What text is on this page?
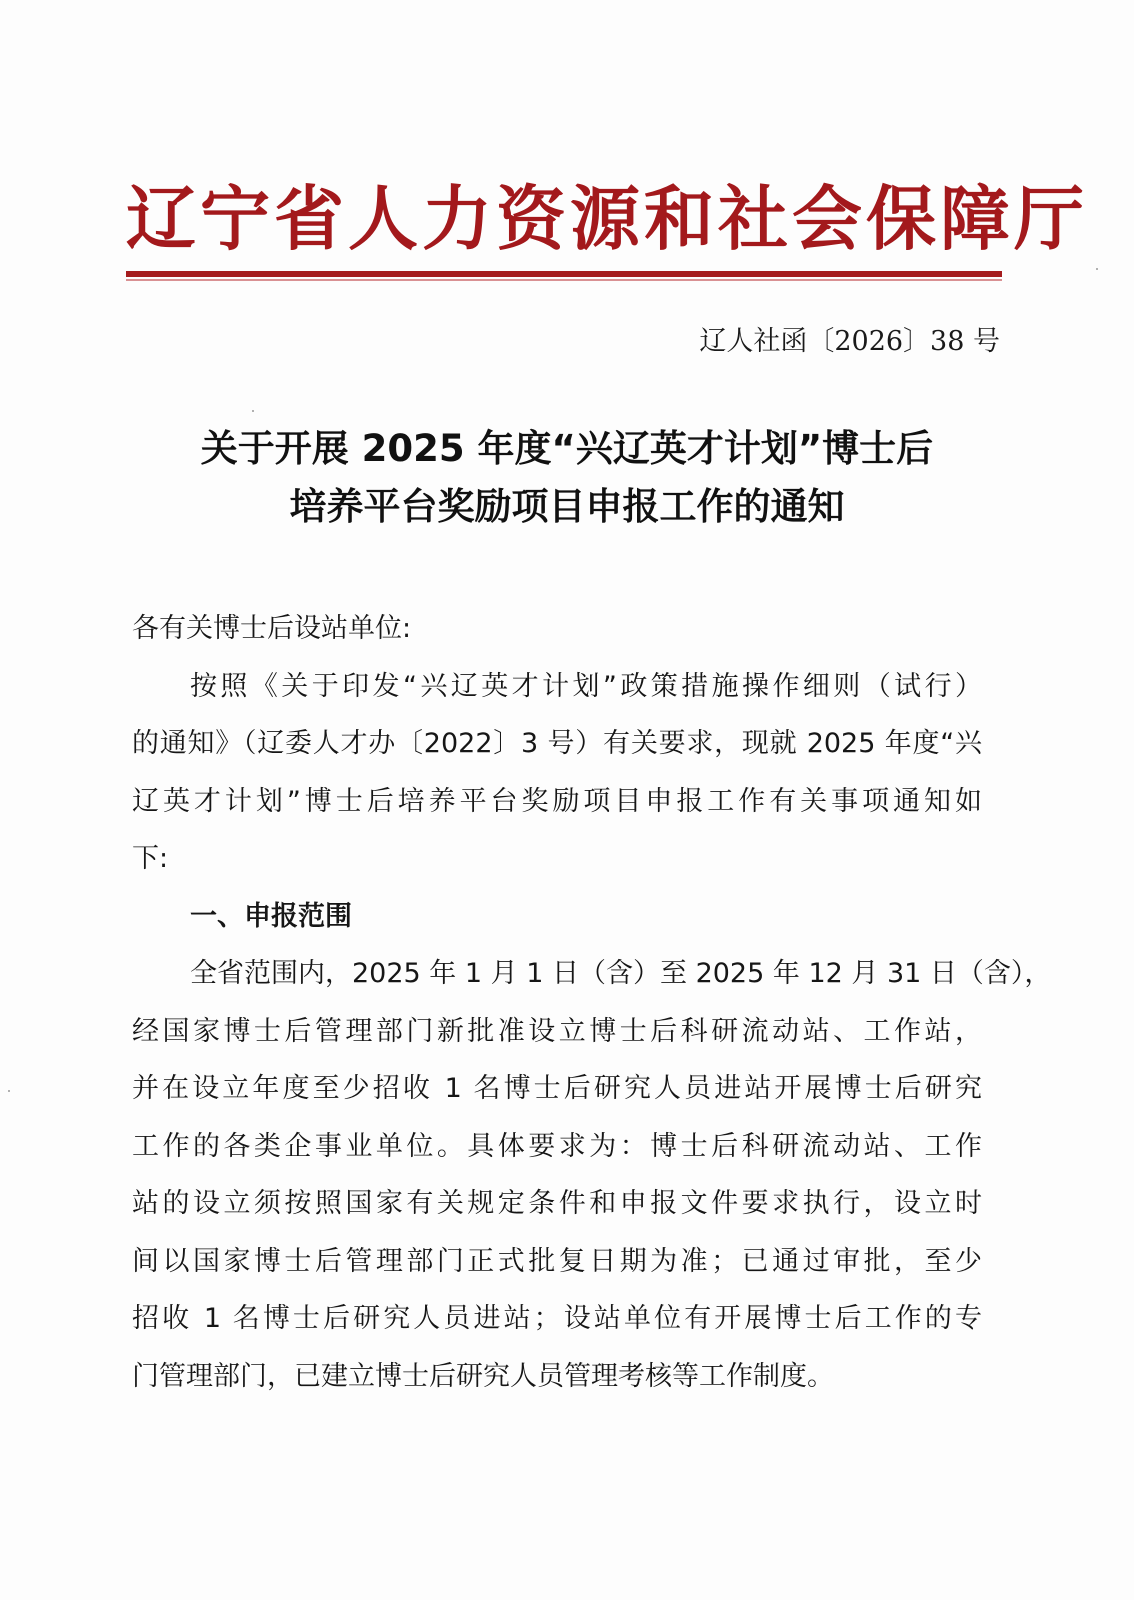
辽 宁 省 人 力 资 源 和 社 会 保 障 厅
辽人社函〔2026〕38 号
关于开展 2025 年度“兴辽英才计划”博士后
培养平台奖励项目申报工作的通知
各有关博士后设站单位:
按照《关于印发“兴辽英才计划”政策措施操作细则（试行）
的通知》（辽委人才办〔2022〕3 号）有关要求，现就 2025 年度“兴
辽英才计划”博士后培养平台奖励项目申报工作有关事项通知如
下:
一、申报范围
全省范围内，2025 年 1 月 1 日（含）至 2025 年 12 月 31 日（含），
经国家博士后管理部门新批准设立博士后科研流动站、工作站，
并在设立年度至少招收 1 名博士后研究人员进站开展博士后研究
工作的各类企事业单位。具体要求为：博士后科研流动站、工作
站的设立须按照国家有关规定条件和申报文件要求执行，设立时
间以国家博士后管理部门正式批复日期为准；已通过审批，至少
招收 1 名博士后研究人员进站；设站单位有开展博士后工作的专
门管理部门，已建立博士后研究人员管理考核等工作制度。
